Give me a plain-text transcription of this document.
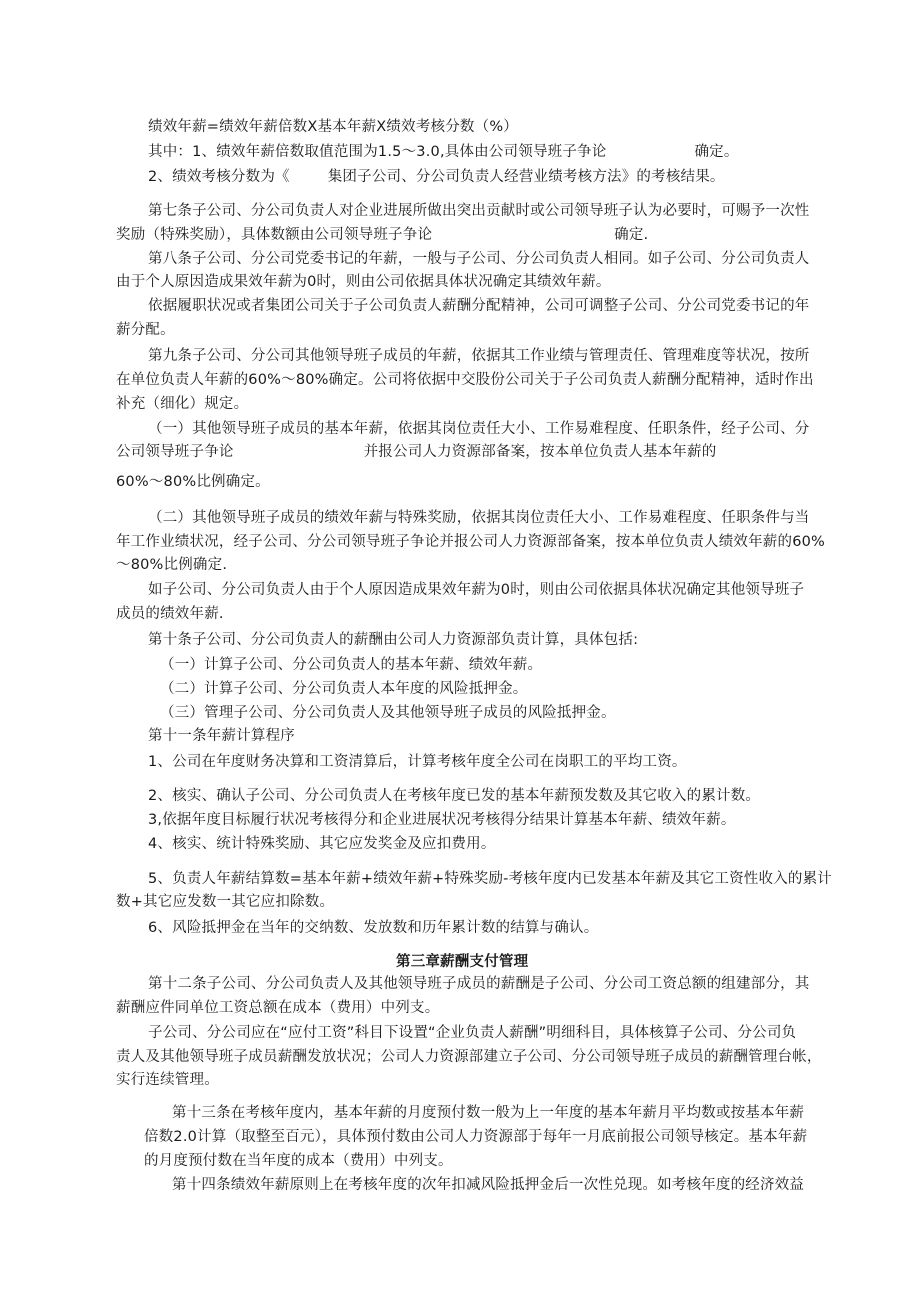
绩效年薪=绩效年薪倍数X基本年薪X绩效考核分数（%）
其中：1、绩效年薪倍数取值范围为1.5～3.0,具体由公司领导班子争论	确定。
2、绩效考核分数为《	集团子公司、分公司负责人经营业绩考核方法》的考核结果。
第七条子公司、分公司负责人对企业进展所做出突出贡献时或公司领导班子认为必要时，可赐予一次性
奖励（特殊奖励），具体数额由公司领导班子争论	确定.
第八条子公司、分公司党委书记的年薪，一般与子公司、分公司负责人相同。如子公司、分公司负责人
由于个人原因造成果效年薪为0时，则由公司依据具体状况确定其绩效年薪。
依据履职状况或者集团公司关于子公司负责人薪酬分配精神，公司可调整子公司、分公司党委书记的年
薪分配。
第九条子公司、分公司其他领导班子成员的年薪，依据其工作业绩与管理责任、管理难度等状况，按所
在单位负责人年薪的60%～80%确定。公司将依据中交股份公司关于子公司负责人薪酬分配精神，适时作出
补充（细化）规定。
（一）其他领导班子成员的基本年薪，依据其岗位责任大小、工作易难程度、任职条件，经子公司、分
公司领导班子争论	并报公司人力资源部备案，按本单位负责人基本年薪的
60%～80%比例确定。
（二）其他领导班子成员的绩效年薪与特殊奖励，依据其岗位责任大小、工作易难程度、任职条件与当
年工作业绩状况，经子公司、分公司领导班子争论并报公司人力资源部备案，按本单位负责人绩效年薪的60%
～80%比例确定.
如子公司、分公司负责人由于个人原因造成果效年薪为0时，则由公司依据具体状况确定其他领导班子
成员的绩效年薪.
第十条子公司、分公司负责人的薪酬由公司人力资源部负责计算，具体包括:
（一）计算子公司、分公司负责人的基本年薪、绩效年薪。
（二）计算子公司、分公司负责人本年度的风险抵押金。
（三）管理子公司、分公司负责人及其他领导班子成员的风险抵押金。
第十一条年薪计算程序
1、公司在年度财务决算和工资清算后，计算考核年度全公司在岗职工的平均工资。
2、核实、确认子公司、分公司负责人在考核年度已发的基本年薪预发数及其它收入的累计数。
3,依据年度目标履行状况考核得分和企业进展状况考核得分结果计算基本年薪、绩效年薪。
4、核实、统计特殊奖励、其它应发奖金及应扣费用。
5、负责人年薪结算数=基本年薪+绩效年薪+特殊奖励-考核年度内已发基本年薪及其它工资性收入的累计
数+其它应发数一其它应扣除数。
6、风险抵押金在当年的交纳数、发放数和历年累计数的结算与确认。
第三章薪酬支付管理
第十二条子公司、分公司负责人及其他领导班子成员的薪酬是子公司、分公司工资总额的组建部分，其
薪酬应件同单位工资总额在成本（费用）中列支。
子公司、分公司应在“应付工资”科目下设置“企业负责人薪酬”明细科目，具体核算子公司、分公司负
责人及其他领导班子成员薪酬发放状况；公司人力资源部建立子公司、分公司领导班子成员的薪酬管理台帐，
实行连续管理。
第十三条在考核年度内，基本年薪的月度预付数一般为上一年度的基本年薪月平均数或按基本年薪
倍数2.0计算（取整至百元），具体预付数由公司人力资源部于每年一月底前报公司领导核定。基本年薪
的月度预付数在当年度的成本（费用）中列支。
第十四条绩效年薪原则上在考核年度的次年扣减风险抵押金后一次性兑现。如考核年度的经济效益
